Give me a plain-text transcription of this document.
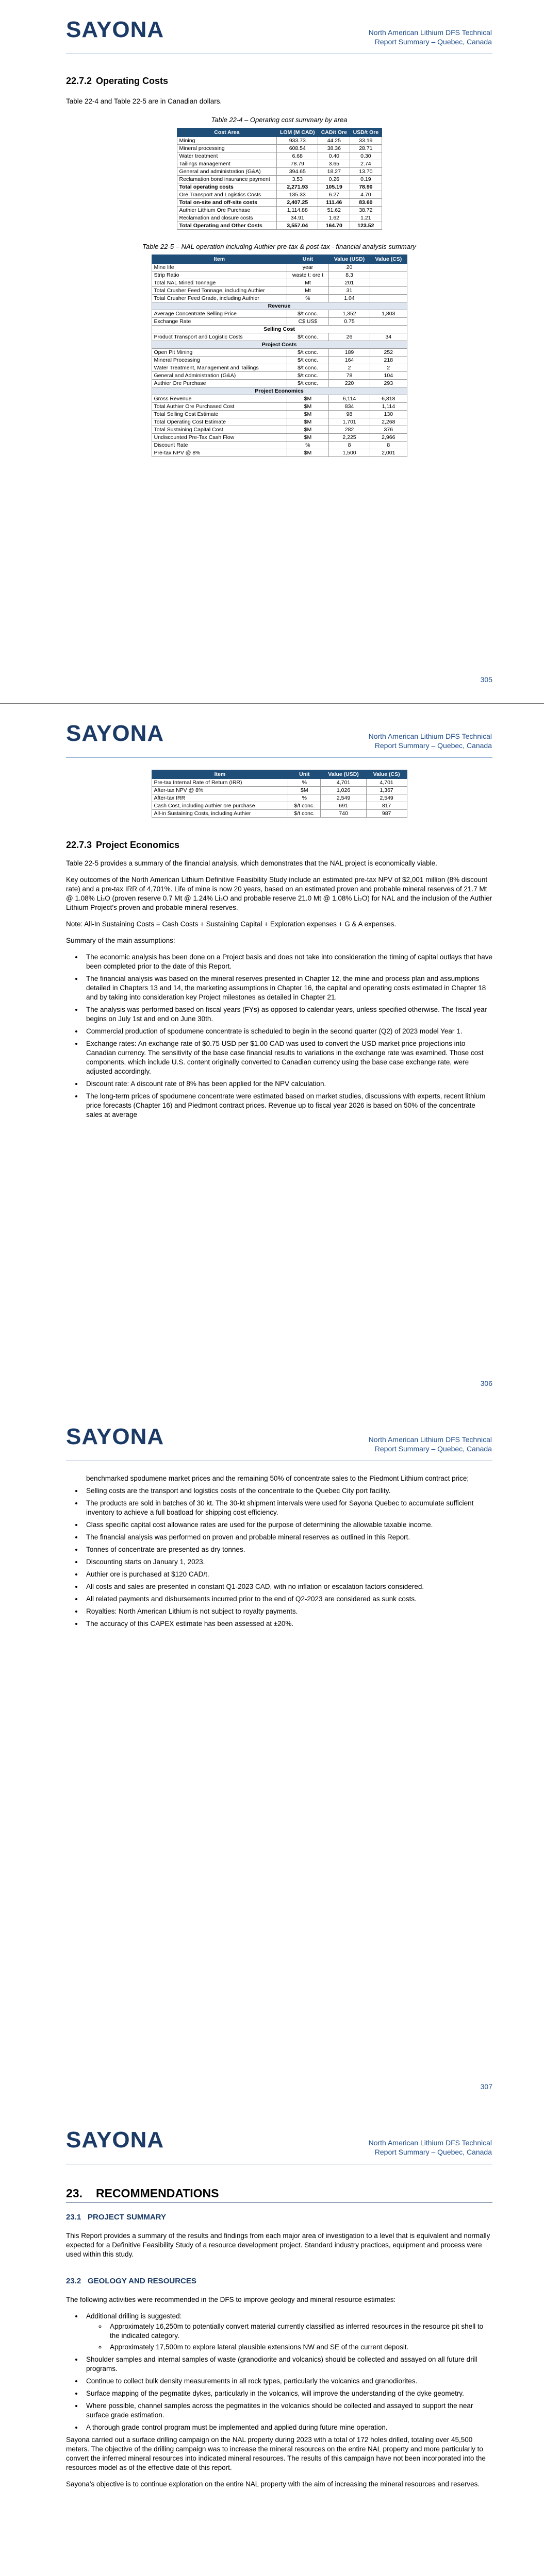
SAYONA	North American Lithium DFS Technical
Report Summary – Quebec, Canada
22.7.2 Operating Costs

Table 22-4 and Table 22-5 are in Canadian dollars.

Table 22-4 – Operating cost summary by area

Cost Area	LOM (M CAD)	CAD/t Ore	USD/t Ore
Mining	933.73	44.25	33.19
Mineral processing	608.54	38.36	28.71
Water treatment	6.68	0.40	0.30
Tailings management	78.79	3.65	2.74
General and administration (G&A)	394.65	18.27	13.70
Reclamation bond insurance payment	3.53	0.26	0.19
Total operating costs	2,271.93	105.19	78.90
Ore Transport and Logistics Costs	135.33	6.27	4.70
Total on-site and off-site costs	2,407.25	111.46	83.60
Authier Lithium Ore Purchase	1,114.88	51.62	38.72
Reclamation and closure costs	34.91	1.62	1.21
Total Operating and Other Costs	3,557.04	164.70	123.52

Table 22-5 – NAL operation including Authier pre-tax & post-tax - financial analysis summary

Item	Unit	Value (USD)	Value (CS)
Mine life	year	20	
Strip Ratio	waste t: ore t	8.3	
Total NAL Mined Tonnage	Mt	201	
Total Crusher Feed Tonnage, including Authier	Mt	31	
Total Crusher Feed Grade, including Authier	%	1.04	
Revenue			
Average Concentrate Selling Price	$/t conc.	1,352	1,803
Exchange Rate	C$:US$	0.75	
Selling Cost			
Product Transport and Logistic Costs	$/t conc.	26	34
Project Costs			
Open Pit Mining	$/t conc.	189	252
Mineral Processing	$/t conc.	164	218
Water Treatment, Management and Tailings	$/t conc.	2	2
General and Administration (G&A)	$/t conc.	78	104
Authier Ore Purchase	$/t conc.	220	293
Project Economics			
Gross Revenue	$M	6,114	6,818
Total Authier Ore Purchased Cost	$M	834	1,114
Total Selling Cost Estimate	$M	98	130
Total Operating Cost Estimate	$M	1,701	2,268
Total Sustaining Capital Cost	$M	282	376
Undiscounted Pre-Tax Cash Flow	$M	2,225	2,966
Discount Rate	%	8	8
Pre-tax NPV @ 8%	$M	1,500	2,001
305
SAYONA	North American Lithium DFS Technical
Report Summary – Quebec, Canada
Item	Unit	Value (USD)	Value (CS)
Pre-tax Internal Rate of Return (IRR)	%	4,701	4,701
After-tax NPV @ 8%	$M	1,026	1,367
After-tax IRR	%	2,549	2,549
Cash Cost, including Authier ore purchase	$/t conc.	691	817
All-in Sustaining Costs, including Authier	$/t conc.	740	987
22.7.3 Project Economics

Table 22-5 provides a summary of the financial analysis, which demonstrates that the NAL project is economically viable.

Key outcomes of the North American Lithium Definitive Feasibility Study include an estimated pre-tax NPV of $2,001 million (8% discount rate) and a pre-tax IRR of 4,701%. Life of mine is now 20 years, based on an estimated proven and probable mineral reserves of 21.7 Mt @ 1.08% Li₂O (proven reserve 0.7 Mt @ 1.24% Li₂O and probable reserve 21.0 Mt @ 1.08% Li₂O) for NAL and the inclusion of the Authier Lithium Project’s proven and probable mineral reserves.

Note: All-In Sustaining Costs = Cash Costs + Sustaining Capital + Exploration expenses + G & A expenses.

Summary of the main assumptions:

• The economic analysis has been done on a Project basis and does not take into consideration the timing of capital outlays that have been completed prior to the date of this Report.
• The financial analysis was based on the mineral reserves presented in Chapter 12, the mine and process plan and assumptions detailed in Chapters 13 and 14, the marketing assumptions in Chapter 16, the capital and operating costs estimated in Chapter 18 and by taking into consideration key Project milestones as detailed in Chapter 21.
• The analysis was performed based on fiscal years (FYs) as opposed to calendar years, unless specified otherwise. The fiscal year begins on July 1st and end on June 30th.
• Commercial production of spodumene concentrate is scheduled to begin in the second quarter (Q2) of 2023 model Year 1.
• Exchange rates: An exchange rate of $0.75 USD per $1.00 CAD was used to convert the USD market price projections into Canadian currency. The sensitivity of the base case financial results to variations in the exchange rate was examined. Those cost components, which include U.S. content originally converted to Canadian currency using the base case exchange rate, were adjusted accordingly.
• Discount rate: A discount rate of 8% has been applied for the NPV calculation.
• The long-term prices of spodumene concentrate were estimated based on market studies, discussions with experts, recent lithium price forecasts (Chapter 16) and Piedmont contract prices. Revenue up to fiscal year 2026 is based on 50% of the concentrate sales at average
306
SAYONA	North American Lithium DFS Technical
Report Summary – Quebec, Canada

benchmarked spodumene market prices and the remaining 50% of concentrate sales to the Piedmont Lithium contract price;

• Selling costs are the transport and logistics costs of the concentrate to the Quebec City port facility.
• The products are sold in batches of 30 kt. The 30-kt shipment intervals were used for Sayona Quebec to accumulate sufficient inventory to achieve a full boatload for shipping cost efficiency.
• Class specific capital cost allowance rates are used for the purpose of determining the allowable taxable income.
• The financial analysis was performed on proven and probable mineral reserves as outlined in this Report.
• Tonnes of concentrate are presented as dry tonnes.
• Discounting starts on January 1, 2023.
• Authier ore is purchased at $120 CAD/t.
• All costs and sales are presented in constant Q1-2023 CAD, with no inflation or escalation factors considered.
• All related payments and disbursements incurred prior to the end of Q2-2023 are considered as sunk costs.
• Royalties: North American Lithium is not subject to royalty payments.
• The accuracy of this CAPEX estimate has been assessed at ±20%.
307
SAYONA	North American Lithium DFS Technical
Report Summary – Quebec, Canada
23.	RECOMMENDATIONS
23.1 PROJECT SUMMARY

This Report provides a summary of the results and findings from each major area of investigation to a level that is equivalent and normally expected for a Definitive Feasibility Study of a resource development project. Standard industry practices, equipment and process were used within this study.

23.2 GEOLOGY AND RESOURCES

The following activities were recommended in the DFS to improve geology and mineral resource estimates:

• Additional drilling is suggested:
◦ Approximately 16,250m to potentially convert material currently classified as inferred resources in the resource pit shell to the indicated category.
◦ Approximately 17,500m to explore lateral plausible extensions NW and SE of the current deposit.
• Shoulder samples and internal samples of waste (granodiorite and volcanics) should be collected and assayed on all future drill programs.
• Continue to collect bulk density measurements in all rock types, particularly the volcanics and granodiorites.
• Surface mapping of the pegmatite dykes, particularly in the volcanics, will improve the understanding of the dyke geometry.
• Where possible, channel samples across the pegmatites in the volcanics should be collected and assayed to support the near surface grade estimation.
• A thorough grade control program must be implemented and applied during future mine operation.

Sayona carried out a surface drilling campaign on the NAL property during 2023 with a total of 172 holes drilled, totaling over 45,500 meters. The objective of the drilling campaign was to increase the mineral resources on the entire NAL property and more particularly to convert the inferred mineral resources into indicated mineral resources. The results of this campaign have not been incorporated into the resources model as of the effective date of this report.

Sayona’s objective is to continue exploration on the entire NAL property with the aim of increasing the mineral resources and reserves.
